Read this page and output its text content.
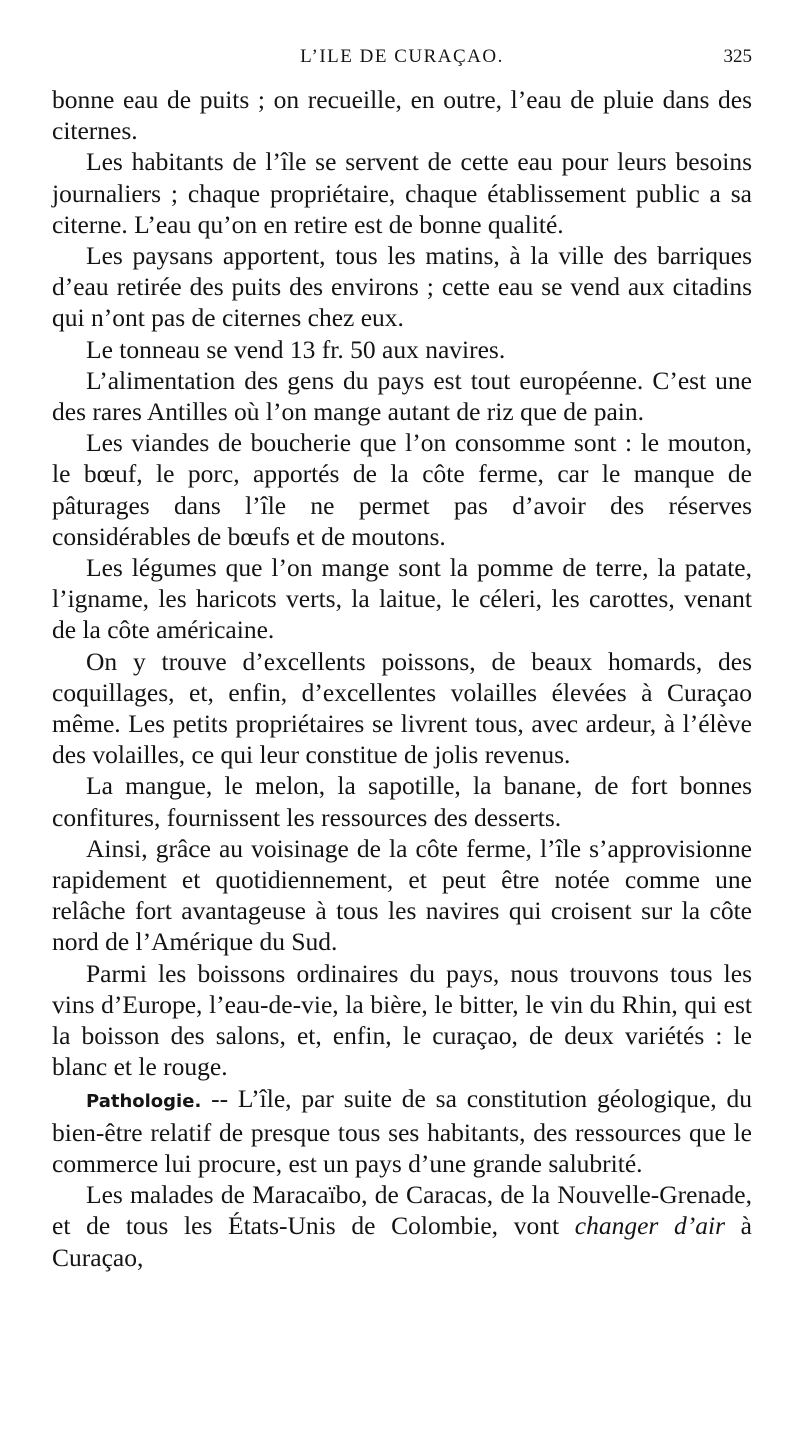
L’ILE DE CURAÇAO.	325

bonne eau de puits ; on recueille, en outre, l’eau de pluie dans des citernes.

Les habitants de l’île se servent de cette eau pour leurs besoins journaliers ; chaque propriétaire, chaque établissement public a sa citerne. L’eau qu’on en retire est de bonne qualité.

Les paysans apportent, tous les matins, à la ville des barriques d’eau retirée des puits des environs ; cette eau se vend aux citadins qui n’ont pas de citernes chez eux.

Le tonneau se vend 13 fr. 50 aux navires.

L’alimentation des gens du pays est tout européenne. C’est une des rares Antilles où l’on mange autant de riz que de pain.

Les viandes de boucherie que l’on consomme sont : le mouton, le bœuf, le porc, apportés de la côte ferme, car le manque de pâturages dans l’île ne permet pas d’avoir des réserves considérables de bœufs et de moutons.

Les légumes que l’on mange sont la pomme de terre, la patate, l’igname, les haricots verts, la laitue, le céleri, les carottes, venant de la côte américaine.

On y trouve d’excellents poissons, de beaux homards, des coquillages, et, enfin, d’excellentes volailles élevées à Curaçao même. Les petits propriétaires se livrent tous, avec ardeur, à l’élève des volailles, ce qui leur constitue de jolis revenus.

La mangue, le melon, la sapotille, la banane, de fort bonnes confitures, fournissent les ressources des desserts.

Ainsi, grâce au voisinage de la côte ferme, l’île s’approvisionne rapidement et quotidiennement, et peut être notée comme une relâche fort avantageuse à tous les navires qui croisent sur la côte nord de l’Amérique du Sud.

Parmi les boissons ordinaires du pays, nous trouvons tous les vins d’Europe, l’eau-de-vie, la bière, le bitter, le vin du Rhin, qui est la boisson des salons, et, enfin, le curaçao, de deux variétés : le blanc et le rouge.

Pathologie. -- L’île, par suite de sa constitution géologique, du bien-être relatif de presque tous ses habitants, des ressources que le commerce lui procure, est un pays d’une grande salubrité.

Les malades de Maracaïbo, de Caracas, de la Nouvelle-Grenade, et de tous les États-Unis de Colombie, vont changer d’air à Curaçao,
